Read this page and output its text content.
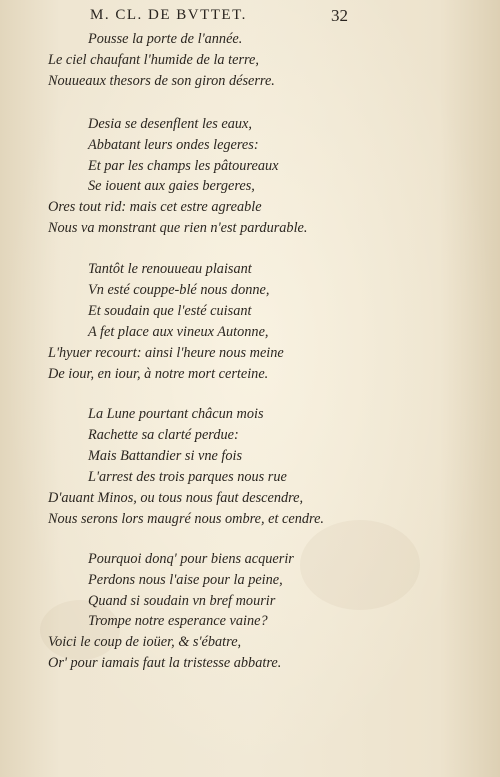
M. CL. DE BVTTET.	32
Pousse la porte de l'année.
Le ciel chaufant l'humide de la terre,
Nouueaux thesors de son giron déserre.
Desia se desenflent les eaux,
Abbatant leurs ondes legeres:
Et par les champs les pâtoureaux
Se iouent aux gaies bergeres,
Ores tout rid: mais cet estre agreable
Nous va monstrant que rien n'est pardurable.
Tantôt le renouueau plaisant
Vn esté couppe-blé nous donne,
Et soudain que l'esté cuisant
A fet place aux vineux Autonne,
L'hyuer recourt: ainsi l'heure nous meine
De iour, en iour, à notre mort certeine.
La Lune pourtant châcun mois
Rachette sa clarté perdue:
Mais Battandier si vne fois
L'arrest des trois parques nous rue
D'auant Minos, ou tous nous faut descendre,
Nous serons lors maugré nous ombre, et cendre.
Pourquoi donq' pour biens acquerir
Perdons nous l'aise pour la peine,
Quand si soudain vn bref mourir
Trompe notre esperance vaine?
Voici le coup de ioüer, & s'ébatre,
Or' pour iamais faut la tristesse abbatre.
